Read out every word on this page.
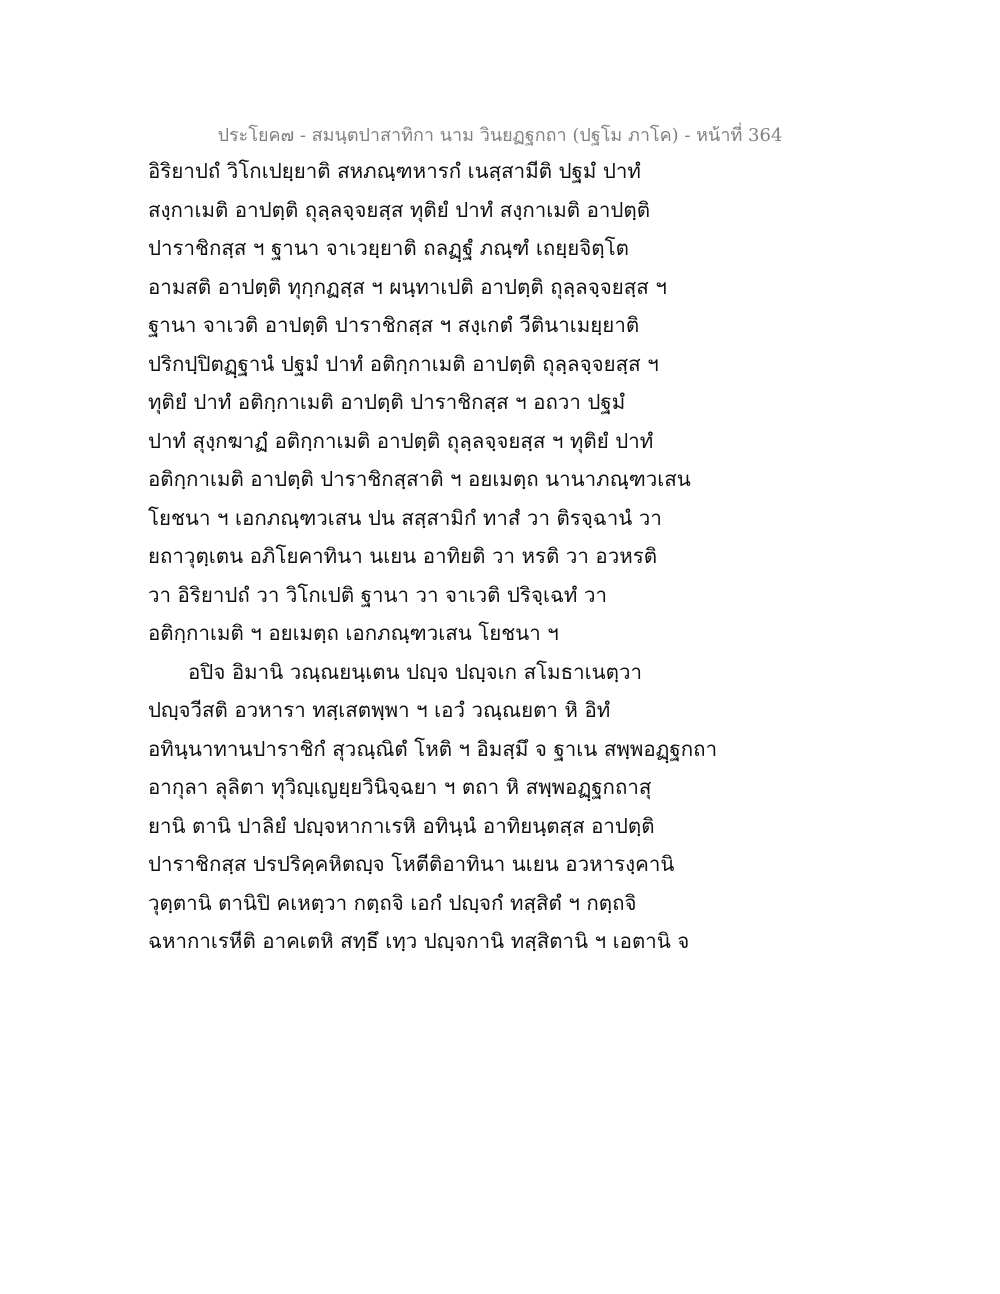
ประโยค๗ - สมนฺตปาสาทิกา นาม วินยฏฐกถา (ปฐโม ภาโค) - หน้าที่ 364
อิริยาปถํ วิโกเปยฺยาติ สหภณฺฑหารกํ เนสฺสามีติ ปฐมํ ปาทํ
สงฺกาเมติ อาปตฺติ ถุลฺลจฺจยสฺส ทุติยํ ปาทํ สงฺกาเมติ อาปตฺติ
ปาราชิกสฺส ฯ ฐานา จาเวยฺยาติ ถลฏฺฐํ ภณฺฑํ เถยฺยจิตฺโต
อามสติ อาปตฺติ ทุกฺกฏสฺส ฯ ผนฺทาเปติ อาปตฺติ ถุลฺลจฺจยสฺส ฯ
ฐานา จาเวติ อาปตฺติ ปาราชิกสฺส ฯ สงฺเกตํ วีตินาเมยฺยาติ
ปริกปฺปิตฏฺฐานํ ปฐมํ ปาทํ อติกฺกาเมติ อาปตฺติ ถุลฺลจฺจยสฺส ฯ
ทุติยํ ปาทํ อติกฺกาเมติ อาปตฺติ ปาราชิกสฺส ฯ อถวา ปฐมํ
ปาทํ สุงฺกฆาฏํ อติกฺกาเมติ อาปตฺติ ถุลฺลจฺจยสฺส ฯ ทุติยํ ปาทํ
อติกฺกาเมติ อาปตฺติ ปาราชิกสฺสาติ ฯ อยเมตฺถ นานาภณฺฑวเสน
โยชนา ฯ เอกภณฺฑวเสน ปน สสฺสามิกํ ทาสํ วา ติรจฺฉานํ วา
ยถาวุตฺเตน อภิโยคาทินา นเยน อาทิยติ วา หรติ วา อวหรติ
วา อิริยาปถํ วา วิโกเปติ ฐานา วา จาเวติ ปริจฺเฉทํ วา
อติกฺกาเมติ ฯ อยเมตฺถ เอกภณฺฑวเสน โยชนา ฯ
อปิจ อิมานิ วณฺณยนฺเตน ปญฺจ ปญฺจเก สโมธาเนตฺวา
ปญฺจวีสติ อวหารา ทสฺเสตพฺพา ฯ เอวํ วณฺณยตา หิ อิทํ
อทินฺนาทานปาราชิกํ สุวณฺณิตํ โหติ ฯ อิมสฺมึ จ ฐาเน สพฺพอฏฺฐกถา
อากุลา ลุลิตา ทุวิญฺเญยฺยวินิจฺฉยา ฯ ตถา หิ สพฺพอฏฺฐกถาสุ
ยานิ ตานิ ปาลิยํ ปญฺจหากาเรหิ อทินฺนํ อาทิยนฺตสฺส อาปตฺติ
ปาราชิกสฺส ปรปริคฺคหิตญฺจ โหตีติอาทินา นเยน อวหารงฺคานิ
วุตฺตานิ ตานิปิ คเหตฺวา กตฺถจิ เอกํ ปญฺจกํ ทสฺสิตํ ฯ กตฺถจิ
ฉหากาเรหีติ อาคเตหิ สทฺธึ เทฺว ปญฺจกานิ ทสฺสิตานิ ฯ เอตานิ จ
